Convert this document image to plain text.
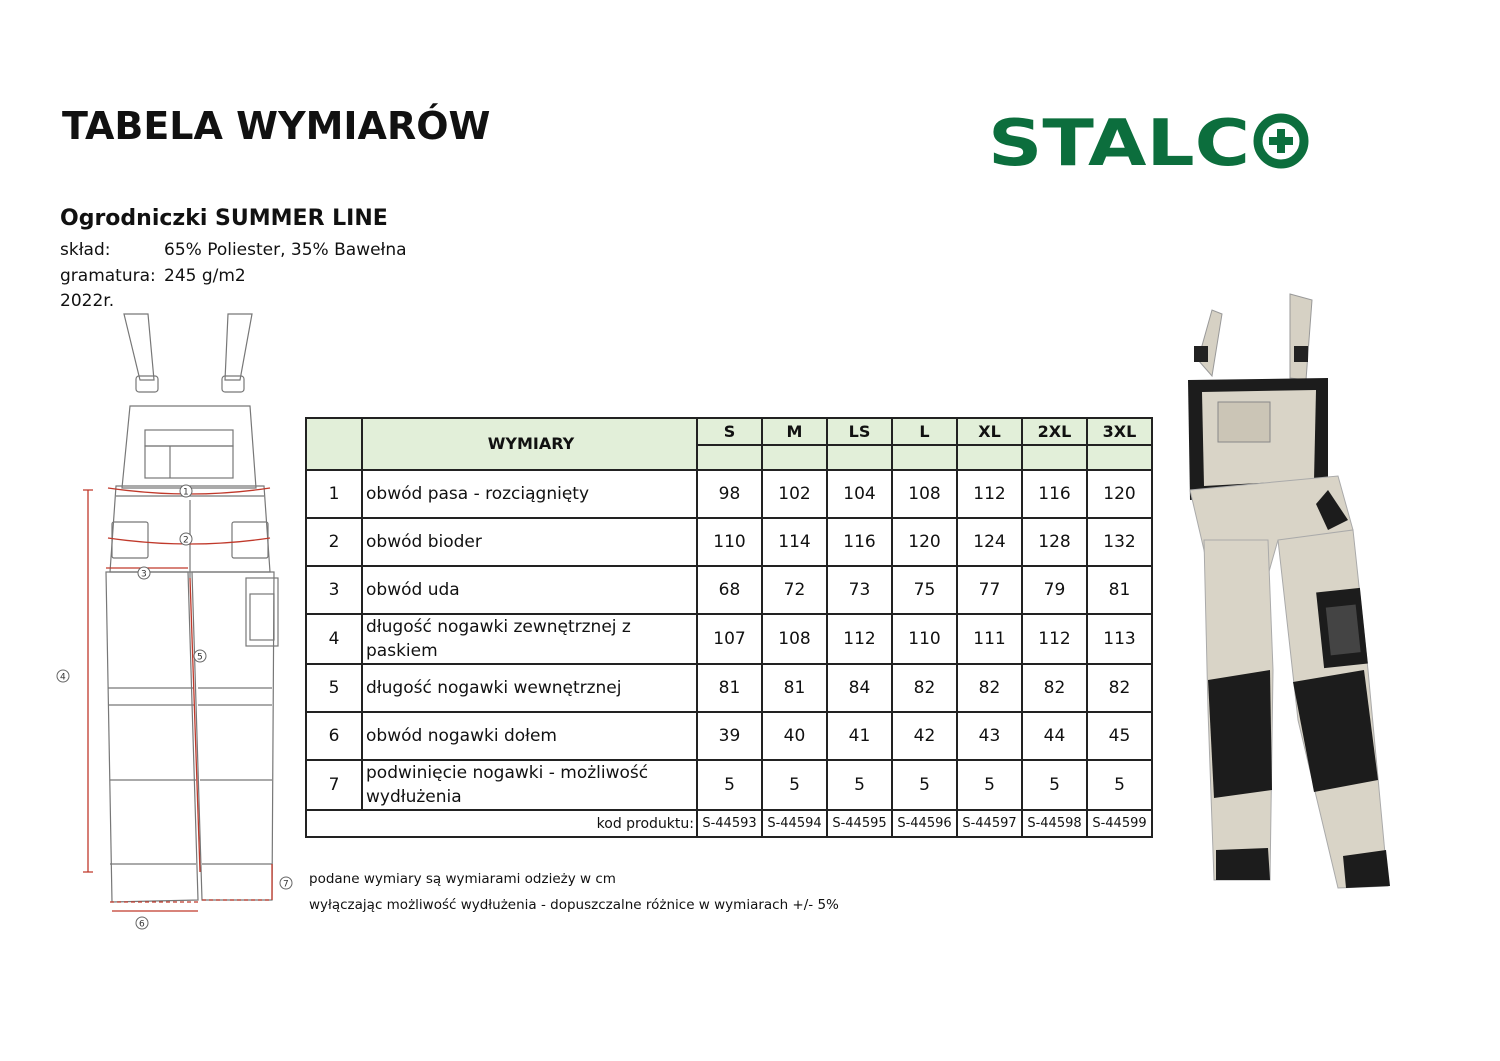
TABELA WYMIARÓW	STALC
Ogrodniczki SUMMER LINE
skład:	65% Poliester, 35% Bawełna
gramatura: 245 g/m2
2022r.
1
2
3
4
5
6
7
	WYMIARY	S	M	LS	L	XL	2XL	3XL

1	obwód pasa - rozciągnięty	98	102	104	108	112	116	120
2	obwód bioder	110	114	116	120	124	128	132
3	obwód uda	68	72	73	75	77	79	81
4	długość nogawki zewnętrznej z paskiem	107	108	112	110	111	112	113
5	długość nogawki wewnętrznej	81	81	84	82	82	82	82
6	obwód nogawki dołem	39	40	41	42	43	44	45
7	podwinięcie nogawki - możliwość wydłużenia	5	5	5	5	5	5	5
kod produktu:		S-44593	S-44594	S-44595	S-44596	S-44597	S-44598	S-44599
podane wymiary są wymiarami odzieży w cm
wyłączając możliwość wydłużenia - dopuszczalne różnice w wymiarach +/- 5%
